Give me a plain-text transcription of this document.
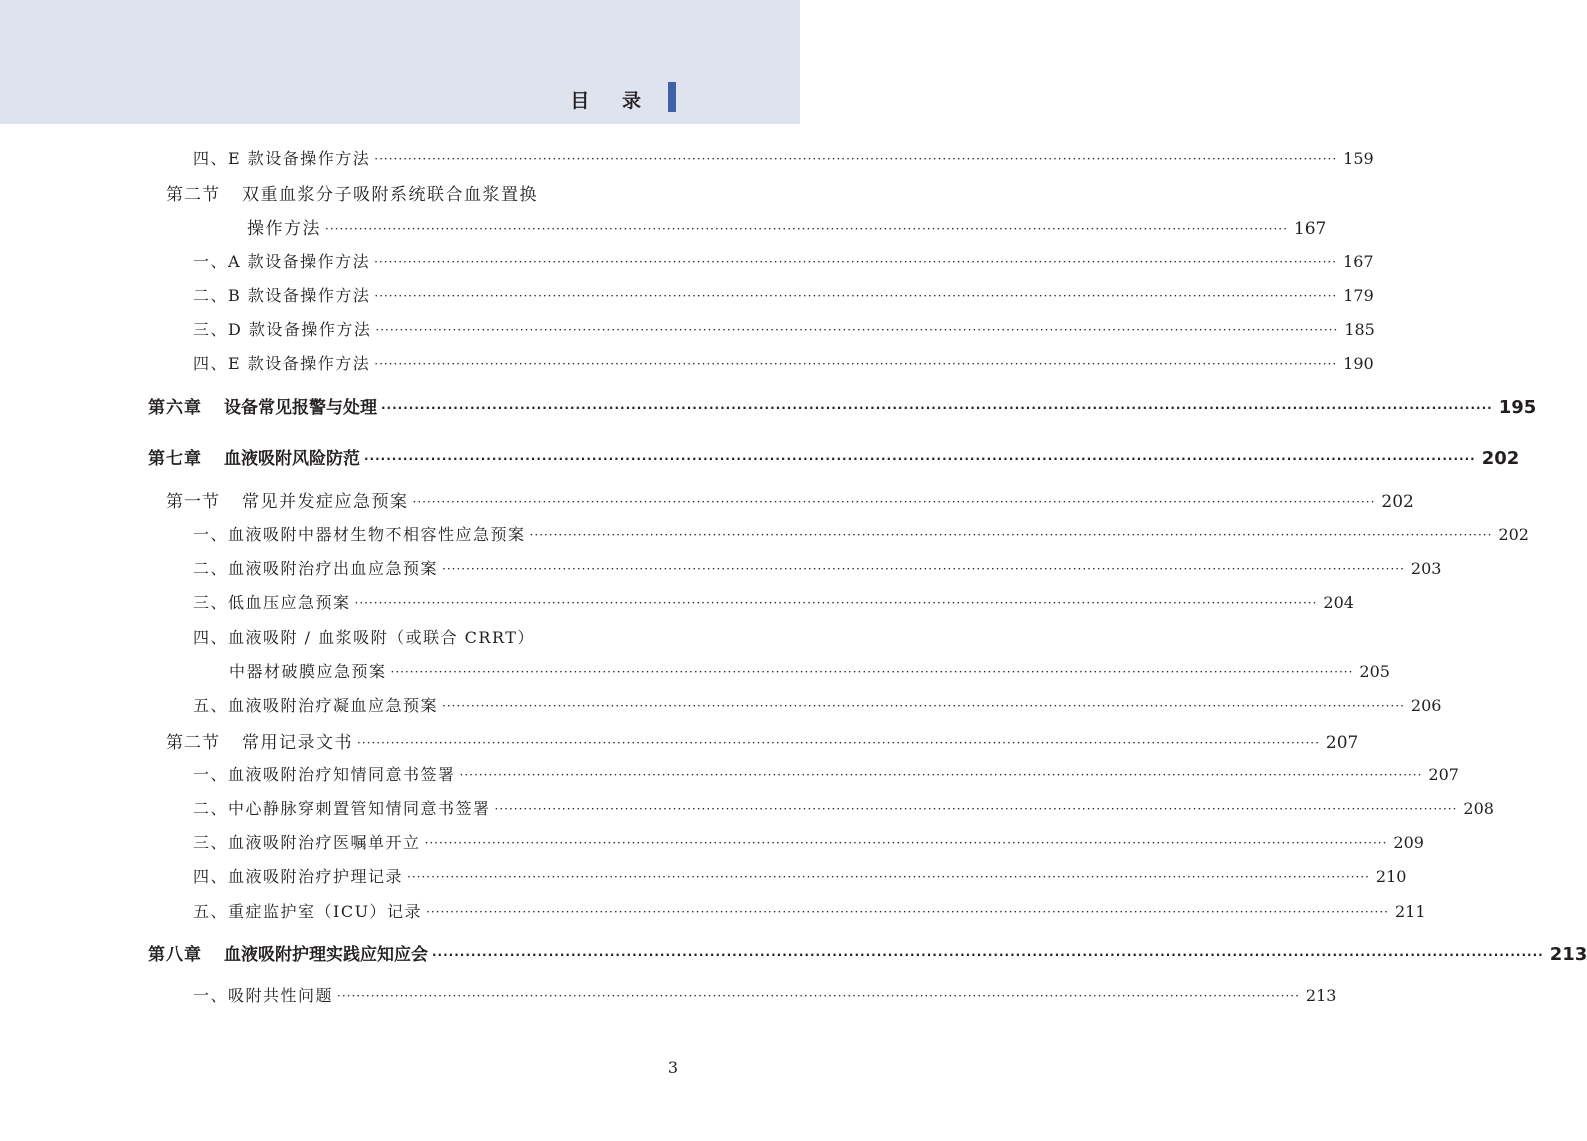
目 录
四、E 款设备操作方法 ········································································································································································································ 159
第二节 双重血浆分子吸附系统联合血浆置换
操作方法 ········································································································································································································ 167
一、A 款设备操作方法 ········································································································································································································ 167
二、B 款设备操作方法 ········································································································································································································ 179
三、D 款设备操作方法 ········································································································································································································ 185
四、E 款设备操作方法 ········································································································································································································ 190
第六章 设备常见报警与处理 ········································································································································································································ 195
第七章 血液吸附风险防范 ········································································································································································································ 202
第一节 常见并发症应急预案 ········································································································································································································ 202
一、血液吸附中器材生物不相容性应急预案 ········································································································································································································ 202
二、血液吸附治疗出血应急预案 ········································································································································································································ 203
三、低血压应急预案 ········································································································································································································ 204
四、血液吸附 / 血浆吸附（或联合 CRRT）
中器材破膜应急预案 ········································································································································································································ 205
五、血液吸附治疗凝血应急预案 ········································································································································································································ 206
第二节 常用记录文书 ········································································································································································································ 207
一、血液吸附治疗知情同意书签署 ········································································································································································································ 207
二、中心静脉穿刺置管知情同意书签署 ········································································································································································································ 208
三、血液吸附治疗医嘱单开立 ········································································································································································································ 209
四、血液吸附治疗护理记录 ········································································································································································································ 210
五、重症监护室（ICU）记录 ········································································································································································································ 211
第八章 血液吸附护理实践应知应会 ········································································································································································································ 213
一、吸附共性问题 ········································································································································································································ 213
3
